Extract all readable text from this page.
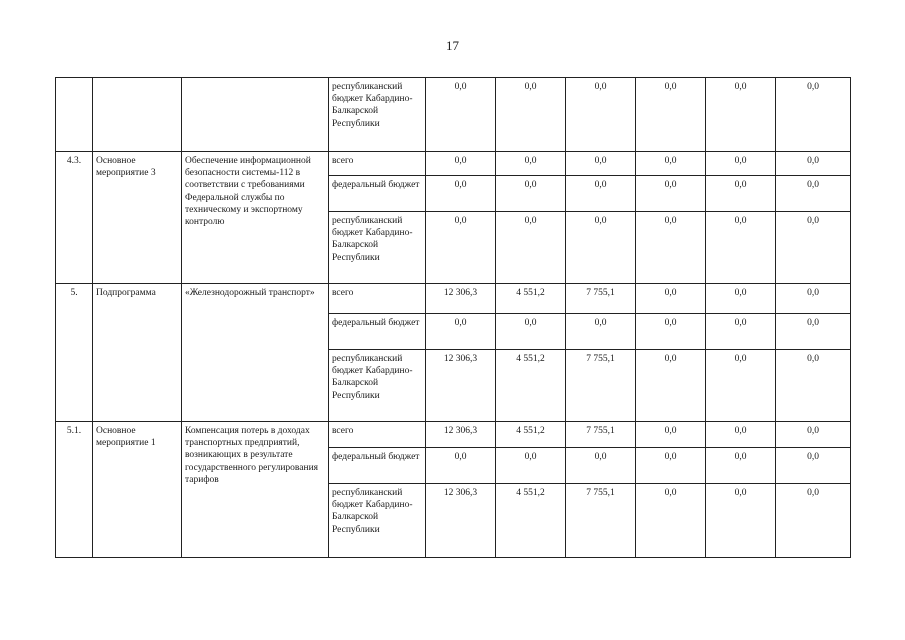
17
			республиканский бюджет Кабардино-Балкарской Республики	0,0	0,0	0,0	0,0	0,0	0,0
4.3.	Основное мероприятие 3	Обеспечение информационной безопасности системы-112 в соответствии с требованиями Федеральной службы по техническому и экспортному контролю	всего	0,0	0,0	0,0	0,0	0,0	0,0
			федеральный бюджет	0,0	0,0	0,0	0,0	0,0	0,0
			республиканский бюджет Кабардино-Балкарской Республики	0,0	0,0	0,0	0,0	0,0	0,0
5.	Подпрограмма	«Железнодорожный транспорт»	всего	12 306,3	4 551,2	7 755,1	0,0	0,0	0,0
			федеральный бюджет	0,0	0,0	0,0	0,0	0,0	0,0
			республиканский бюджет Кабардино-Балкарской Республики	12 306,3	4 551,2	7 755,1	0,0	0,0	0,0
5.1.	Основное мероприятие 1	Компенсация потерь в доходах транспортных предприятий, возникающих в результате государственного регулирования тарифов	всего	12 306,3	4 551,2	7 755,1	0,0	0,0	0,0
			федеральный бюджет	0,0	0,0	0,0	0,0	0,0	0,0
			республиканский бюджет Кабардино-Балкарской Республики	12 306,3	4 551,2	7 755,1	0,0	0,0	0,0
